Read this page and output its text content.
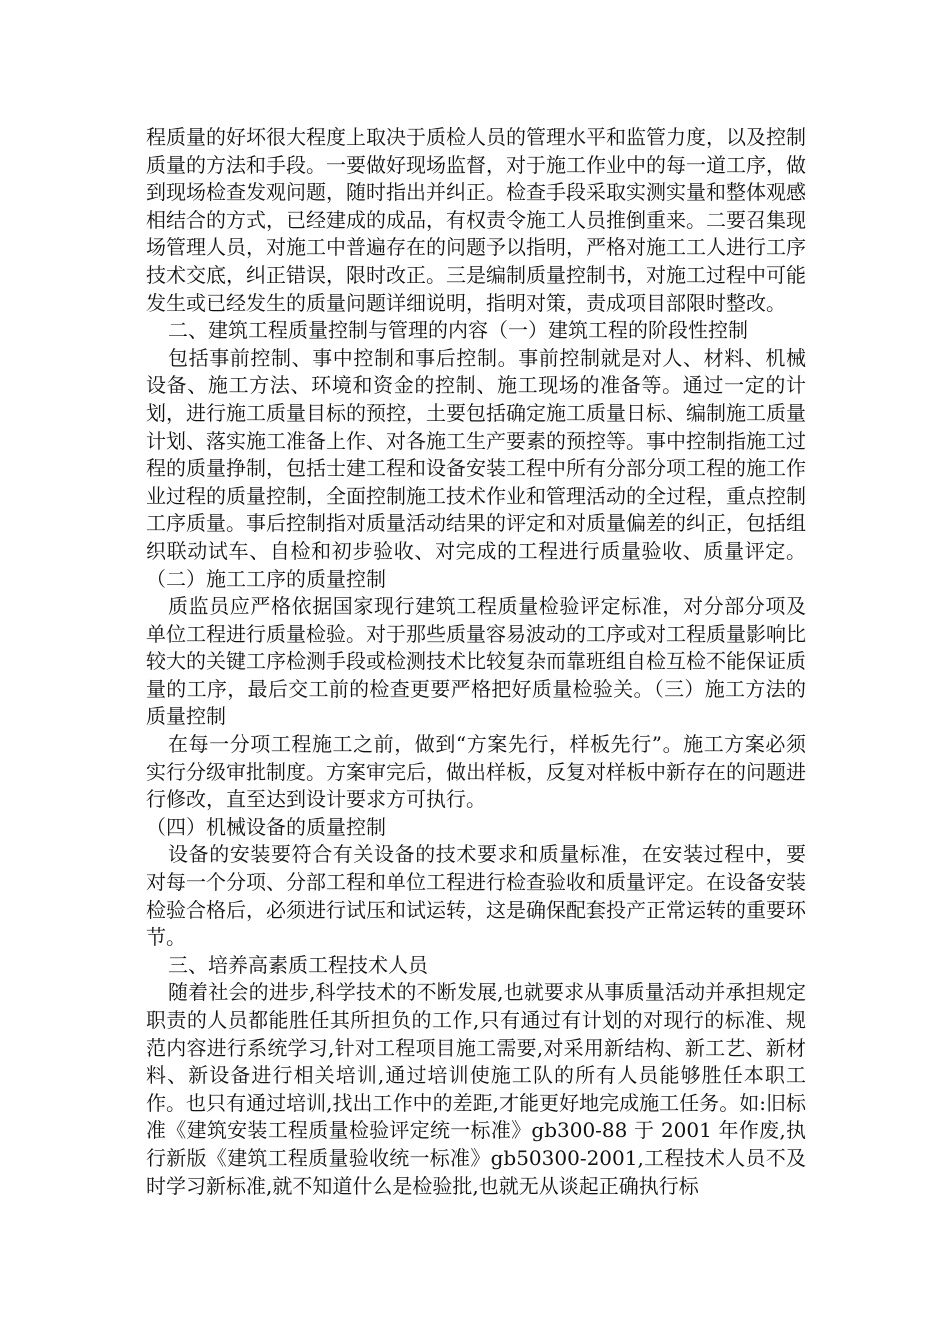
程质量的好坏很大程度上取决于质检人员的管理水平和监管力度，以及控制质量的方法和手段。一要做好现场监督，对于施工作业中的每一道工序，做到现场检查发观问题，随时指出并纠正。检查手段采取实测实量和整体观感相结合的方式，已经建成的成品，有权责令施工人员推倒重来。二要召集现场管理人员，对施工中普遍存在的问题予以指明，严格对施工工人进行工序技术交底，纠正错误，限时改正。三是编制质量控制书，对施工过程中可能发生或已经发生的质量问题详细说明，指明对策，责成项目部限时整改。

二、建筑工程质量控制与管理的内容（一）建筑工程的阶段性控制

包括事前控制、事中控制和事后控制。事前控制就是对人、材料、机械设备、施工方法、环境和资金的控制、施工现场的准备等。通过一定的计划，进行施工质量目标的预控，土要包括确定施工质量日标、编制施工质量计划、落实施工准备上作、对各施工生产要素的预控等。事中控制指施工过程的质量挣制，包括士建工程和设备安装工程中所有分部分项工程的施工作业过程的质量控制，全面控制施工技术作业和管理活动的全过程，重点控制工序质量。事后控制指对质量活动结果的评定和对质量偏差的纠正，包括组织联动试车、自检和初步验收、对完成的工程进行质量验收、质量评定。（二）施工工序的质量控制

质监员应严格依据国家现行建筑工程质量检验评定标准，对分部分项及单位工程进行质量检验。对于那些质量容易波动的工序或对工程质量影响比较大的关键工序检测手段或检测技术比较复杂而靠班组自检互检不能保证质量的工序，最后交工前的检查更要严格把好质量检验关。（三）施工方法的质量控制

在每一分项工程施工之前，做到“方案先行，样板先行”。施工方案必须实行分级审批制度。方案审完后，做出样板，反复对样板中新存在的问题进行修改，直至达到设计要求方可执行。

（四）机械设备的质量控制

设备的安装要符合有关设备的技术要求和质量标准，在安装过程中，要对每一个分项、分部工程和单位工程进行检查验收和质量评定。在设备安装检验合格后，必须进行试压和试运转，这是确保配套投产正常运转的重要环节。

三、培养高素质工程技术人员

随着社会的进步,科学技术的不断发展,也就要求从事质量活动并承担规定职责的人员都能胜任其所担负的工作,只有通过有计划的对现行的标准、规范内容进行系统学习,针对工程项目施工需要,对采用新结构、新工艺、新材料、新设备进行相关培训,通过培训使施工队的所有人员能够胜任本职工作。也只有通过培训,找出工作中的差距,才能更好地完成施工任务。如:旧标准《建筑安装工程质量检验评定统一标准》gb300-88 于 2001 年作废,执行新版《建筑工程质量验收统一标准》gb50300-2001,工程技术人员不及时学习新标准,就不知道什么是检验批,也就无从谈起正确执行标
